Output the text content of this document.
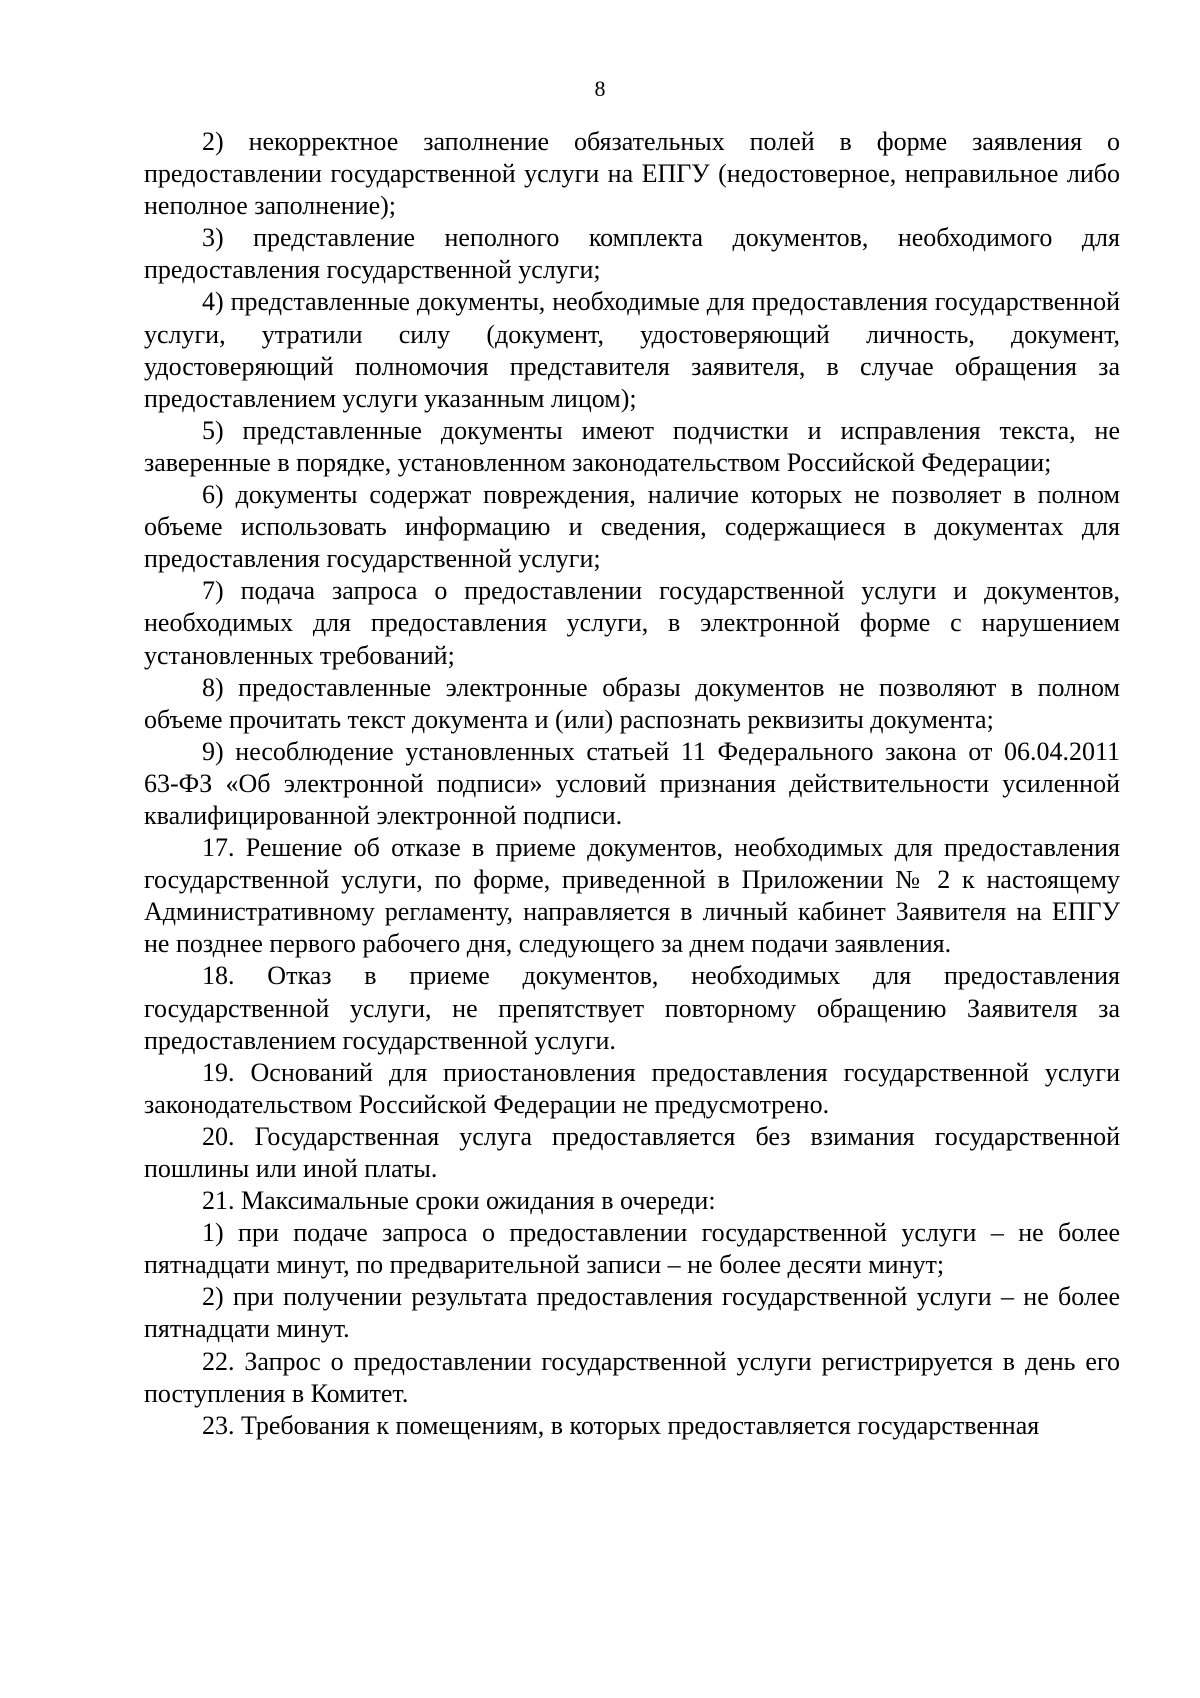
8

2) некорректное заполнение обязательных полей в форме заявления о предоставлении государственной услуги на ЕПГУ (недостоверное, неправильное либо неполное заполнение);

3) представление неполного комплекта документов, необходимого для предоставления государственной услуги;

4) представленные документы, необходимые для предоставления государственной услуги, утратили силу (документ, удостоверяющий личность, документ, удостоверяющий полномочия представителя заявителя, в случае обращения за предоставлением услуги указанным лицом);

5) представленные документы имеют подчистки и исправления текста, не заверенные в порядке, установленном законодательством Российской Федерации;

6) документы содержат повреждения, наличие которых не позволяет в полном объеме использовать информацию и сведения, содержащиеся в документах для предоставления государственной услуги;

7) подача запроса о предоставлении государственной услуги и документов, необходимых для предоставления услуги, в электронной форме с нарушением установленных требований;

8) предоставленные электронные образы документов не позволяют в полном объеме прочитать текст документа и (или) распознать реквизиты документа;

9) несоблюдение установленных статьей 11 Федерального закона от 06.04.2011 63-ФЗ «Об электронной подписи» условий признания действительности усиленной квалифицированной электронной подписи.

17. Решение об отказе в приеме документов, необходимых для предоставления государственной услуги, по форме, приведенной в Приложении № 2 к настоящему Административному регламенту, направляется в личный кабинет Заявителя на ЕПГУ не позднее первого рабочего дня, следующего за днем подачи заявления.

18. Отказ в приеме документов, необходимых для предоставления государственной услуги, не препятствует повторному обращению Заявителя за предоставлением государственной услуги.

19. Оснований для приостановления предоставления государственной услуги законодательством Российской Федерации не предусмотрено.

20. Государственная услуга предоставляется без взимания государственной пошлины или иной платы.

21. Максимальные сроки ожидания в очереди:

1) при подаче запроса о предоставлении государственной услуги – не более пятнадцати минут, по предварительной записи – не более десяти минут;

2) при получении результата предоставления государственной услуги – не более пятнадцати минут.

22. Запрос о предоставлении государственной услуги регистрируется в день его поступления в Комитет.

23. Требования к помещениям, в которых предоставляется государственная
